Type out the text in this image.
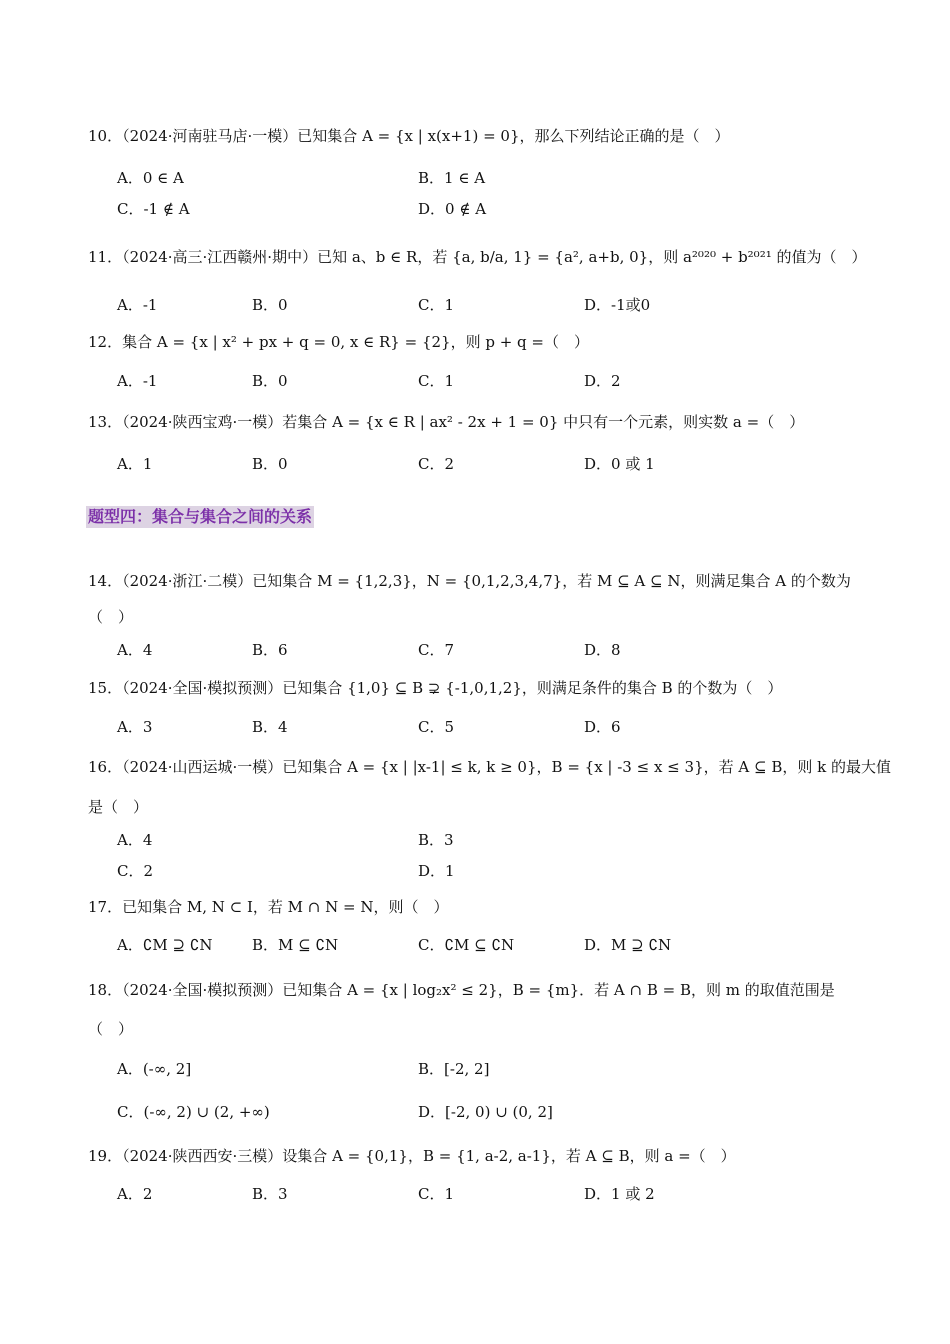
10．（2024·河南驻马店·一模）已知集合 A = {x | x(x+1) = 0}，那么下列结论正确的是（　）
A．0 ∈ A	B．1 ∈ A
C．-1 ∉ A	D．0 ∉ A
11．（2024·高三·江西赣州·期中）已知 a、b ∈ R，若 {a, b/a, 1} = {a², a+b, 0}，则 a²⁰²⁰ + b²⁰²¹ 的值为（　）
A．-1	B．0	C．1	D．-1或0
12．集合 A = {x | x² + px + q = 0, x ∈ R} = {2}，则 p + q =（　）
A．-1	B．0	C．1	D．2
13．（2024·陕西宝鸡·一模）若集合 A = {x ∈ R | ax² - 2x + 1 = 0} 中只有一个元素，则实数 a =（　）
A．1	B．0	C．2	D．0 或 1
题型四：集合与集合之间的关系
14．（2024·浙江·二模）已知集合 M = {1,2,3}，N = {0,1,2,3,4,7}，若 M ⊆ A ⊆ N，则满足集合 A 的个数为
（　）
A．4	B．6	C．7	D．8
15．（2024·全国·模拟预测）已知集合 {1,0} ⊆ B ⊋ {-1,0,1,2}，则满足条件的集合 B 的个数为（　）
A．3	B．4	C．5	D．6
16．（2024·山西运城·一模）已知集合 A = {x | |x-1| ≤ k, k ≥ 0}，B = {x | -3 ≤ x ≤ 3}，若 A ⊆ B，则 k 的最大值
是（　）
A．4	B．3
C．2	D．1
17．已知集合 M, N ⊂ I，若 M ∩ N = N，则（　）
A．∁M ⊇ ∁N	B．M ⊆ ∁N	C．∁M ⊆ ∁N	D．M ⊇ ∁N
18．（2024·全国·模拟预测）已知集合 A = {x | log₂x² ≤ 2}，B = {m}．若 A ∩ B = B，则 m 的取值范围是
（　）
A．(-∞, 2]	B．[-2, 2]
C．(-∞, 2) ∪ (2, +∞)	D．[-2, 0) ∪ (0, 2]
19．（2024·陕西西安·三模）设集合 A = {0,1}，B = {1, a-2, a-1}，若 A ⊆ B，则 a =（　）
A．2	B．3	C．1	D．1 或 2
